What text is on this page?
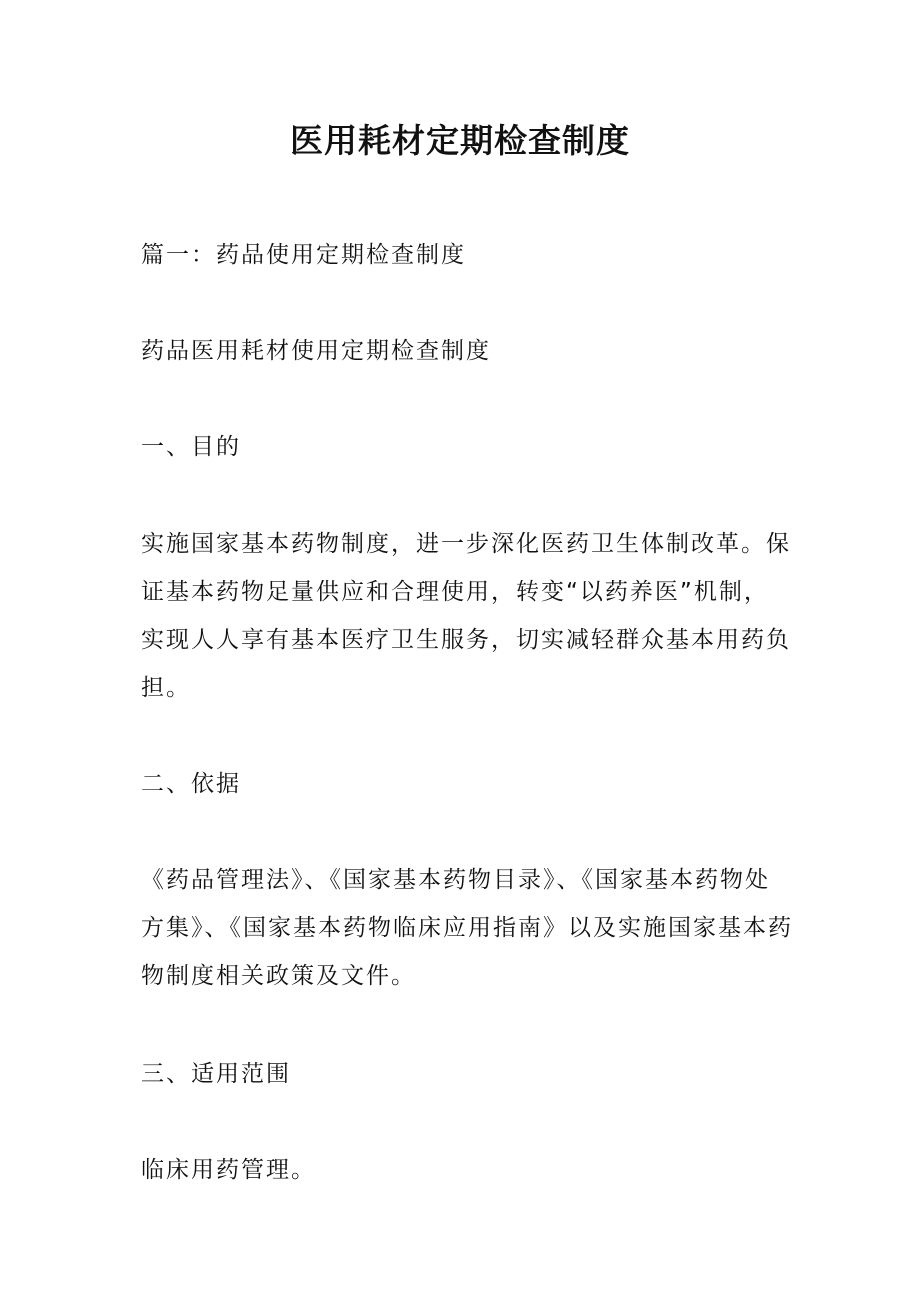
医用耗材定期检查制度

篇一：药品使用定期检查制度

药品医用耗材使用定期检查制度

一、目的

实施国家基本药物制度，进一步深化医药卫生体制改革。保
证基本药物足量供应和合理使用，转变“以药养医”机制，
实现人人享有基本医疗卫生服务，切实减轻群众基本用药负
担。

二、依据

《药品管理法》、《国家基本药物目录》、《国家基本药物处
方集》、《国家基本药物临床应用指南》以及实施国家基本药
物制度相关政策及文件。

三、适用范围

临床用药管理。
